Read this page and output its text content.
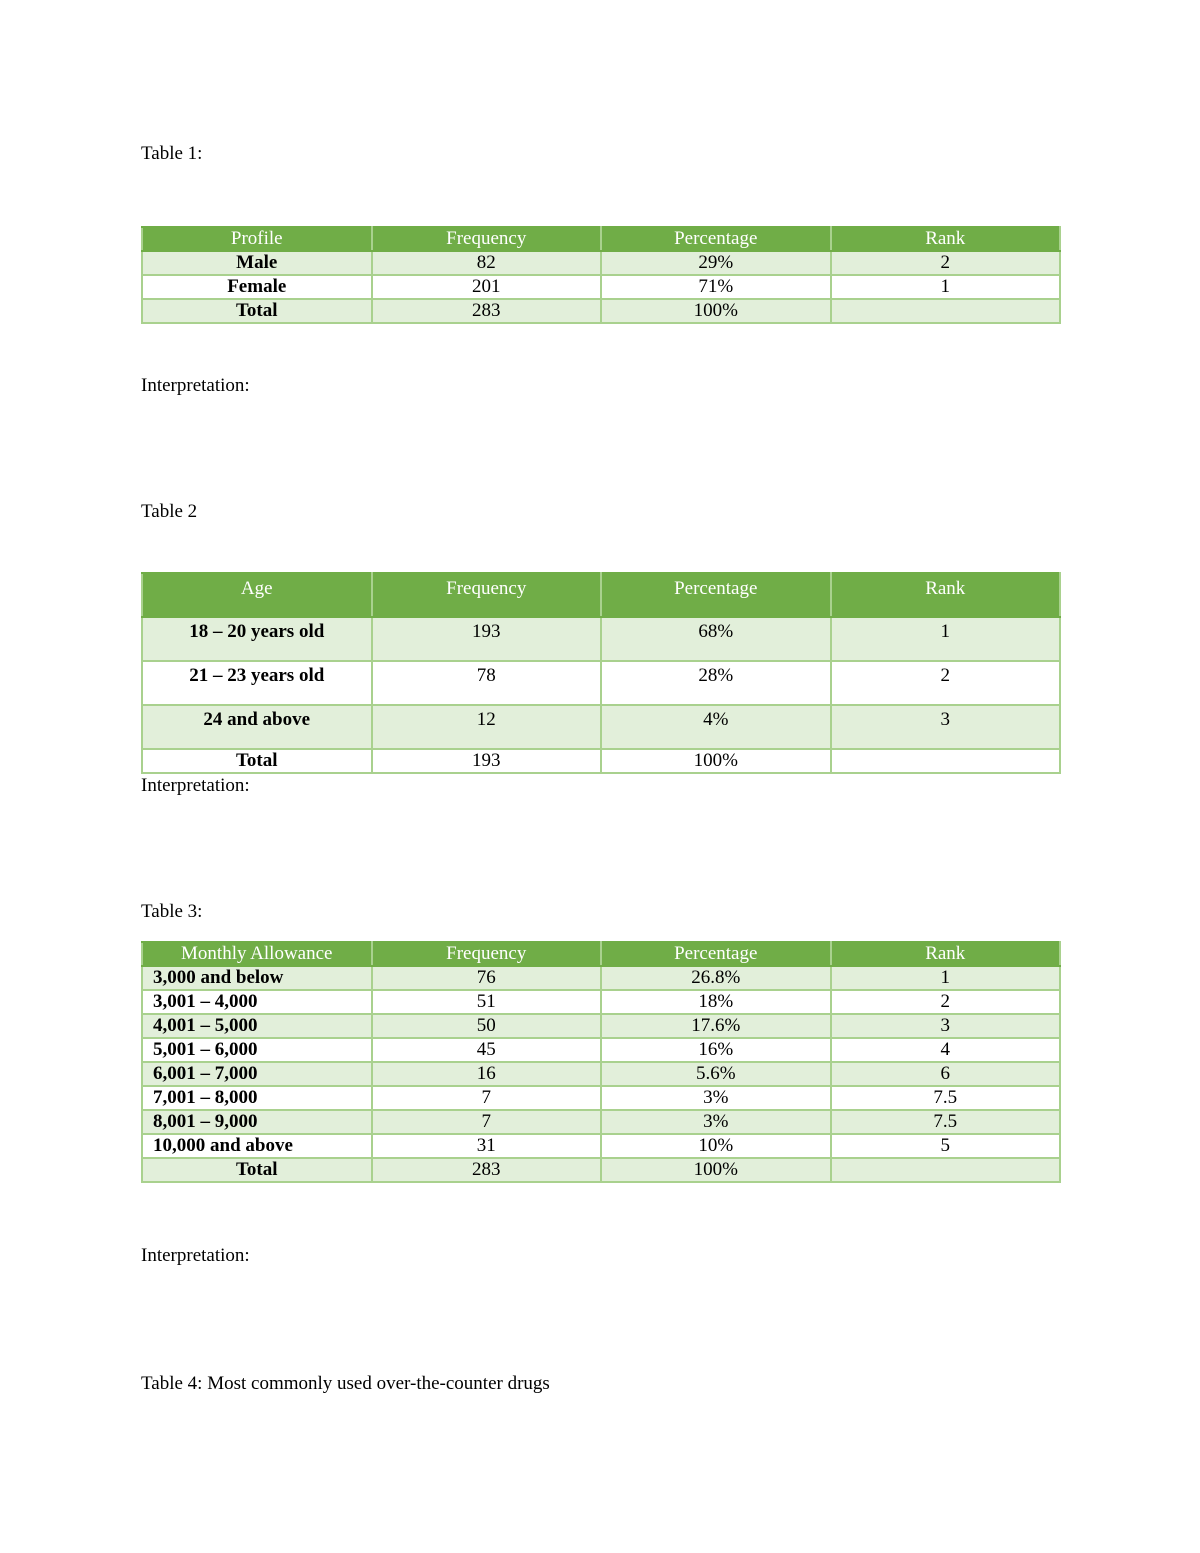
Table 1:
Profile	Frequency	Percentage	Rank
Male	82	29%	2
Female	201	71%	1
Total	283	100%	
Interpretation:
Table 2
Age	Frequency	Percentage	Rank
18 – 20 years old	193	68%	1
21 – 23 years old	78	28%	2
24 and above	12	4%	3
Total	193	100%	
Interpretation:
Table 3:
Monthly Allowance	Frequency	Percentage	Rank
3,000 and below	76	26.8%	1
3,001 – 4,000	51	18%	2
4,001 – 5,000	50	17.6%	3
5,001 – 6,000	45	16%	4
6,001 – 7,000	16	5.6%	6
7,001 – 8,000	7	3%	7.5
8,001 – 9,000	7	3%	7.5
10,000 and above	31	10%	5
Total	283	100%	
Interpretation:
Table 4: Most commonly used over-the-counter drugs
